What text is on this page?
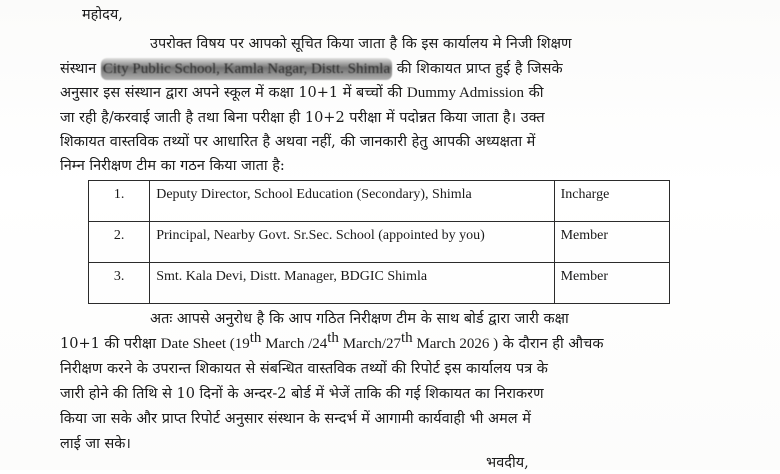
महोदय,
उपरोक्त विषय पर आपको सूचित किया जाता है कि इस कार्यालय मे निजी शिक्षण
संस्थान City Public School, Kamla Nagar, Distt. Shimla की शिकायत प्राप्त हुई है जिसके
अनुसार इस संस्थान द्वारा अपने स्कूल में कक्षा 10+1 में बच्चों की Dummy Admission की
जा रही है/करवाई जाती है तथा बिना परीक्षा ही 10+2 परीक्षा में पदोन्नत किया जाता है। उक्त
शिकायत वास्तविक तथ्यों पर आधारित है अथवा नहीं, की जानकारी हेतु आपकी अध्यक्षता में
निम्न निरीक्षण टीम का गठन किया जाता है:
1.	Deputy Director, School Education (Secondary), Shimla	Incharge
2.	Principal, Nearby Govt. Sr.Sec. School (appointed by you)	Member
3.	Smt. Kala Devi, Distt. Manager, BDGIC Shimla	Member
अतः आपसे अनुरोध है कि आप गठित निरीक्षण टीम के साथ बोर्ड द्वारा जारी कक्षा
10+1 की परीक्षा Date Sheet (19th March /24th March/27th March 2026 ) के दौरान ही औचक
निरीक्षण करने के उपरान्त शिकायत से संबन्धित वास्तविक तथ्यों की रिपोर्ट इस कार्यालय पत्र के
जारी होने की तिथि से 10 दिनों के अन्दर-2 बोर्ड में भेजें ताकि की गई शिकायत का निराकरण
किया जा सके और प्राप्त रिपोर्ट अनुसार संस्थान के सन्दर्भ में आगामी कार्यवाही भी अमल में
लाई जा सके।
भवदीय,
